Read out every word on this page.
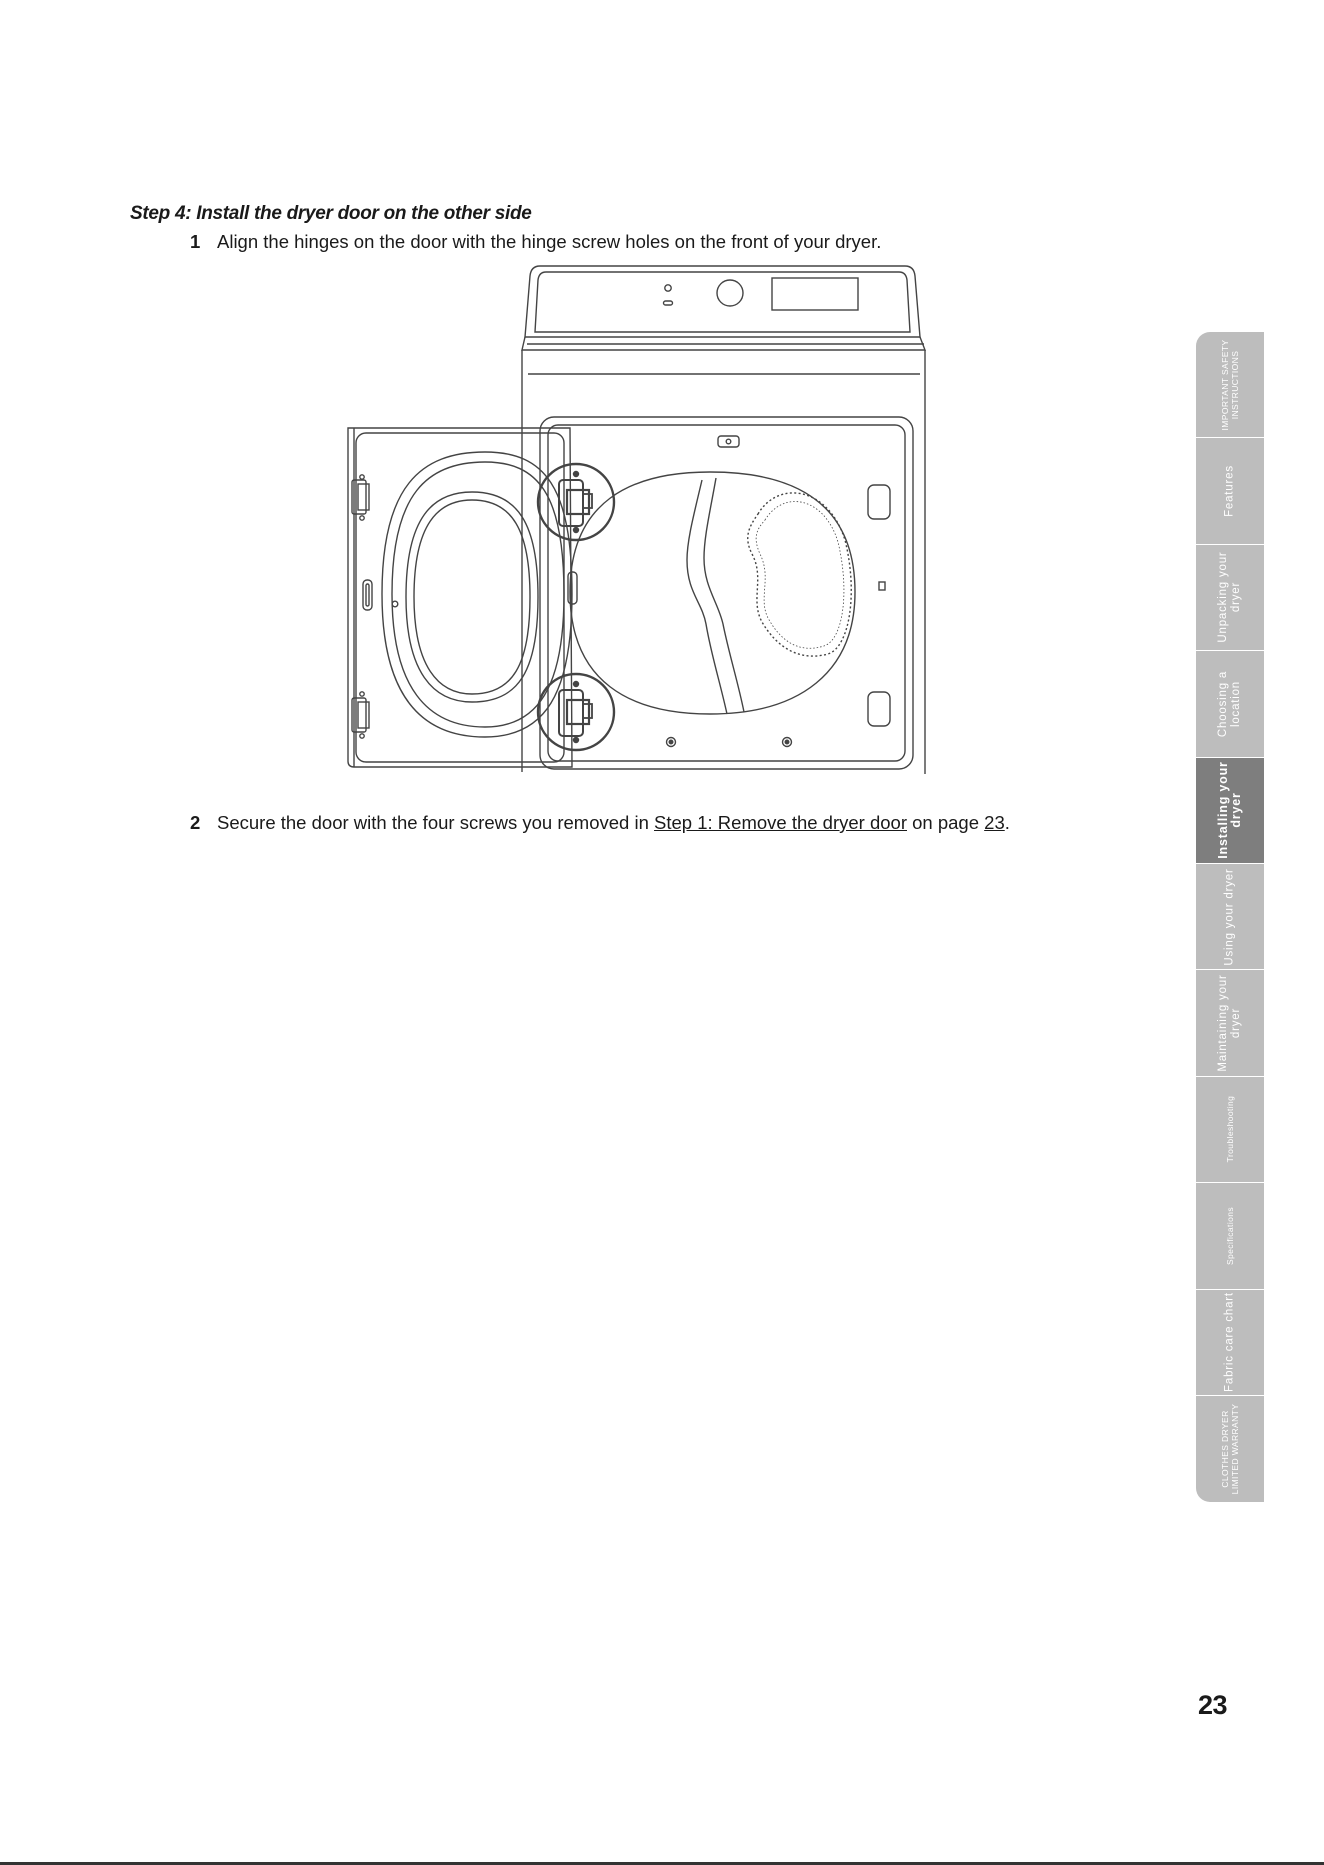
Step 4: Install the dryer door on the other side
1 Align the hinges on the door with the hinge screw holes on the front of your dryer.
2 Secure the door with the four screws you removed in Step 1: Remove the dryer door on page 23.
IMPORTANT SAFETY INSTRUCTIONS
Features
Unpacking your dryer
Choosing a location
Installing your dryer
Using your dryer
Maintaining your dryer
Troubleshooting
Specifications
Fabric care chart
CLOTHES DRYER LIMITED WARRANTY
23
